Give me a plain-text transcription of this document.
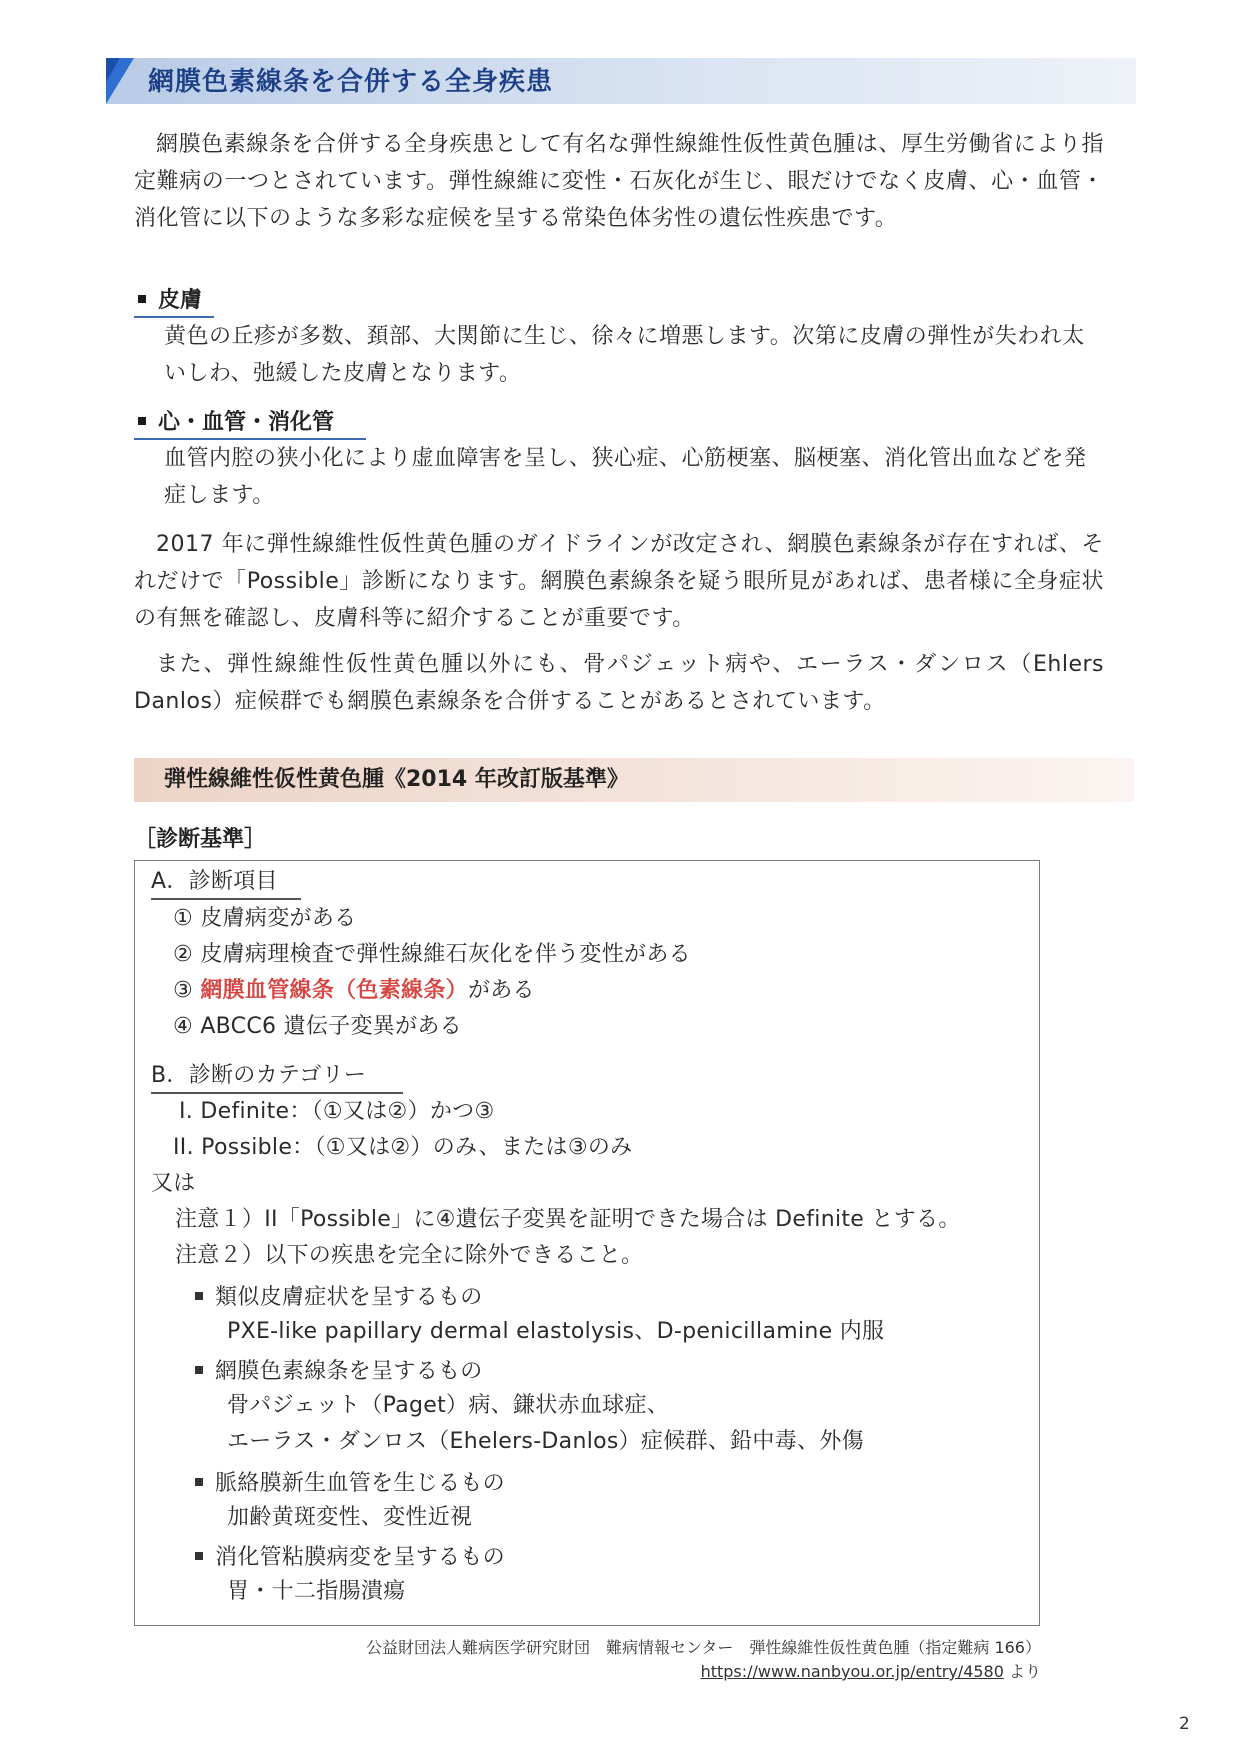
網膜色素線条を合併する全身疾患
網膜色素線条を合併する全身疾患として有名な弾性線維性仮性黄色腫は、厚生労働省により指定難病の一つとされています。弾性線維に変性・石灰化が生じ、眼だけでなく皮膚、心・血管・消化管に以下のような多彩な症候を呈する常染色体劣性の遺伝性疾患です。
皮膚
黄色の丘疹が多数、頚部、大関節に生じ、徐々に増悪します。次第に皮膚の弾性が失われ太いしわ、弛緩した皮膚となります。
心・血管・消化管
血管内腔の狭小化により虚血障害を呈し、狭心症、心筋梗塞、脳梗塞、消化管出血などを発症します。
2017 年に弾性線維性仮性黄色腫のガイドラインが改定され、網膜色素線条が存在すれば、それだけで「Possible」診断になります。網膜色素線条を疑う眼所見があれば、患者様に全身症状の有無を確認し、皮膚科等に紹介することが重要です。
また、弾性線維性仮性黄色腫以外にも、骨パジェット病や、エーラス・ダンロス（Ehlers Danlos）症候群でも網膜色素線条を合併することがあるとされています。
弾性線維性仮性黄色腫《2014 年改訂版基準》
［診断基準］
A．診断項目
① 皮膚病変がある
② 皮膚病理検査で弾性線維石灰化を伴う変性がある
③ 網膜血管線条（色素線条）がある
④ ABCC6 遺伝子変異がある
B．診断のカテゴリー
I. Definite：（①又は②）かつ③
II. Possible：（①又は②）のみ、または③のみ
又は
注意１）II「Possible」に④遺伝子変異を証明できた場合は Definite とする。
注意２）以下の疾患を完全に除外できること。
類似皮膚症状を呈するもの
PXE-like papillary dermal elastolysis、D-penicillamine 内服
網膜色素線条を呈するもの
骨パジェット（Paget）病、鎌状赤血球症、
エーラス・ダンロス（Ehelers-Danlos）症候群、鉛中毒、外傷
脈絡膜新生血管を生じるもの
加齢黄斑変性、変性近視
消化管粘膜病変を呈するもの
胃・十二指腸潰瘍
公益財団法人難病医学研究財団　難病情報センター　弾性線維性仮性黄色腫（指定難病 166）
https://www.nanbyou.or.jp/entry/4580 より
2
